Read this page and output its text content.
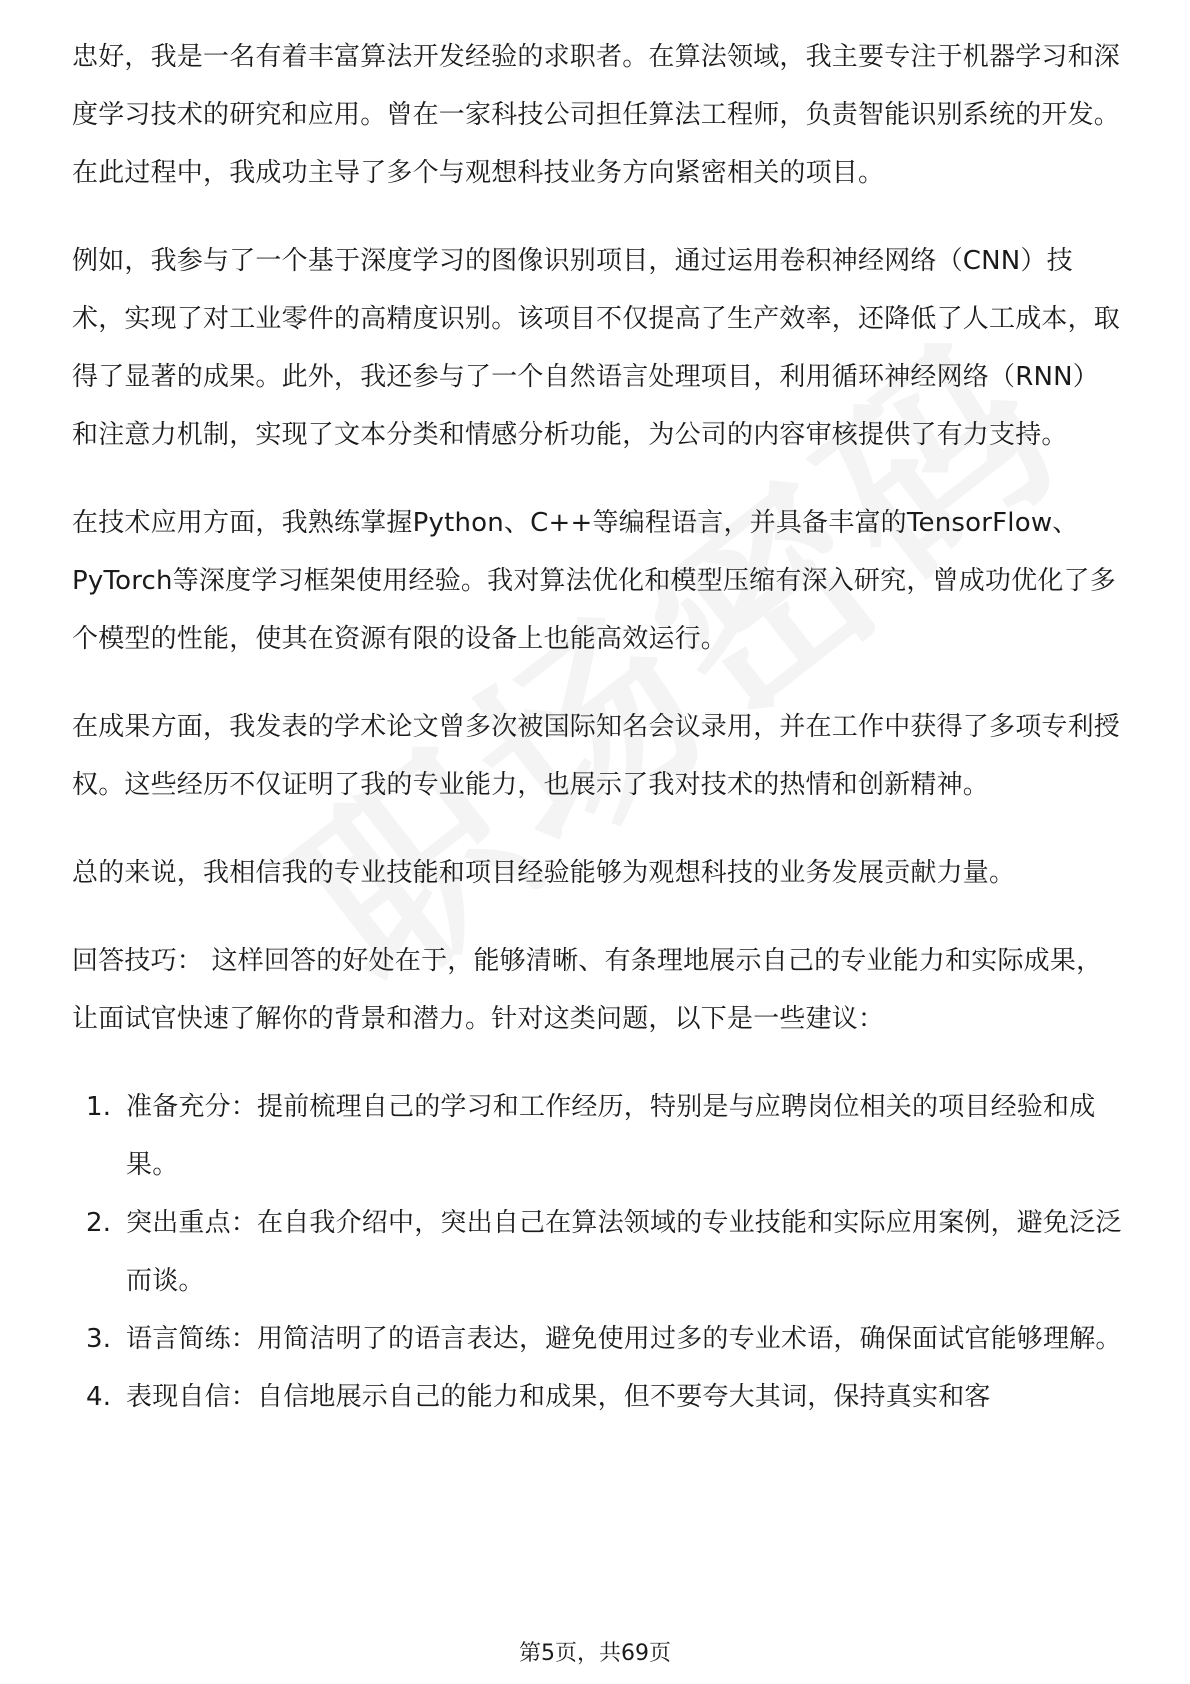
忠好，我是一名有着丰富算法开发经验的求职者。在算法领域，我主要专注于机器学习和深度学习技术的研究和应用。曾在一家科技公司担任算法工程师，负责智能识别系统的开发。在此过程中，我成功主导了多个与观想科技业务方向紧密相关的项目。

例如，我参与了一个基于深度学习的图像识别项目，通过运用卷积神经网络（CNN）技术，实现了对工业零件的高精度识别。该项目不仅提高了生产效率，还降低了人工成本，取得了显著的成果。此外，我还参与了一个自然语言处理项目，利用循环神经网络（RNN）和注意力机制，实现了文本分类和情感分析功能，为公司的内容审核提供了有力支持。

在技术应用方面，我熟练掌握Python、C++等编程语言，并具备丰富的TensorFlow、PyTorch等深度学习框架使用经验。我对算法优化和模型压缩有深入研究，曾成功优化了多个模型的性能，使其在资源有限的设备上也能高效运行。

在成果方面，我发表的学术论文曾多次被国际知名会议录用，并在工作中获得了多项专利授权。这些经历不仅证明了我的专业能力，也展示了我对技术的热情和创新精神。

总的来说，我相信我的专业技能和项目经验能够为观想科技的业务发展贡献力量。

回答技巧： 这样回答的好处在于，能够清晰、有条理地展示自己的专业能力和实际成果，让面试官快速了解你的背景和潜力。针对这类问题，以下是一些建议：

1. 准备充分：提前梳理自己的学习和工作经历，特别是与应聘岗位相关的项目经验和成果。
2. 突出重点：在自我介绍中，突出自己在算法领域的专业技能和实际应用案例，避免泛泛而谈。
3. 语言简练：用简洁明了的语言表达，避免使用过多的专业术语，确保面试官能够理解。
4. 表现自信：自信地展示自己的能力和成果，但不要夸大其词，保持真实和客
第5页，共69页
